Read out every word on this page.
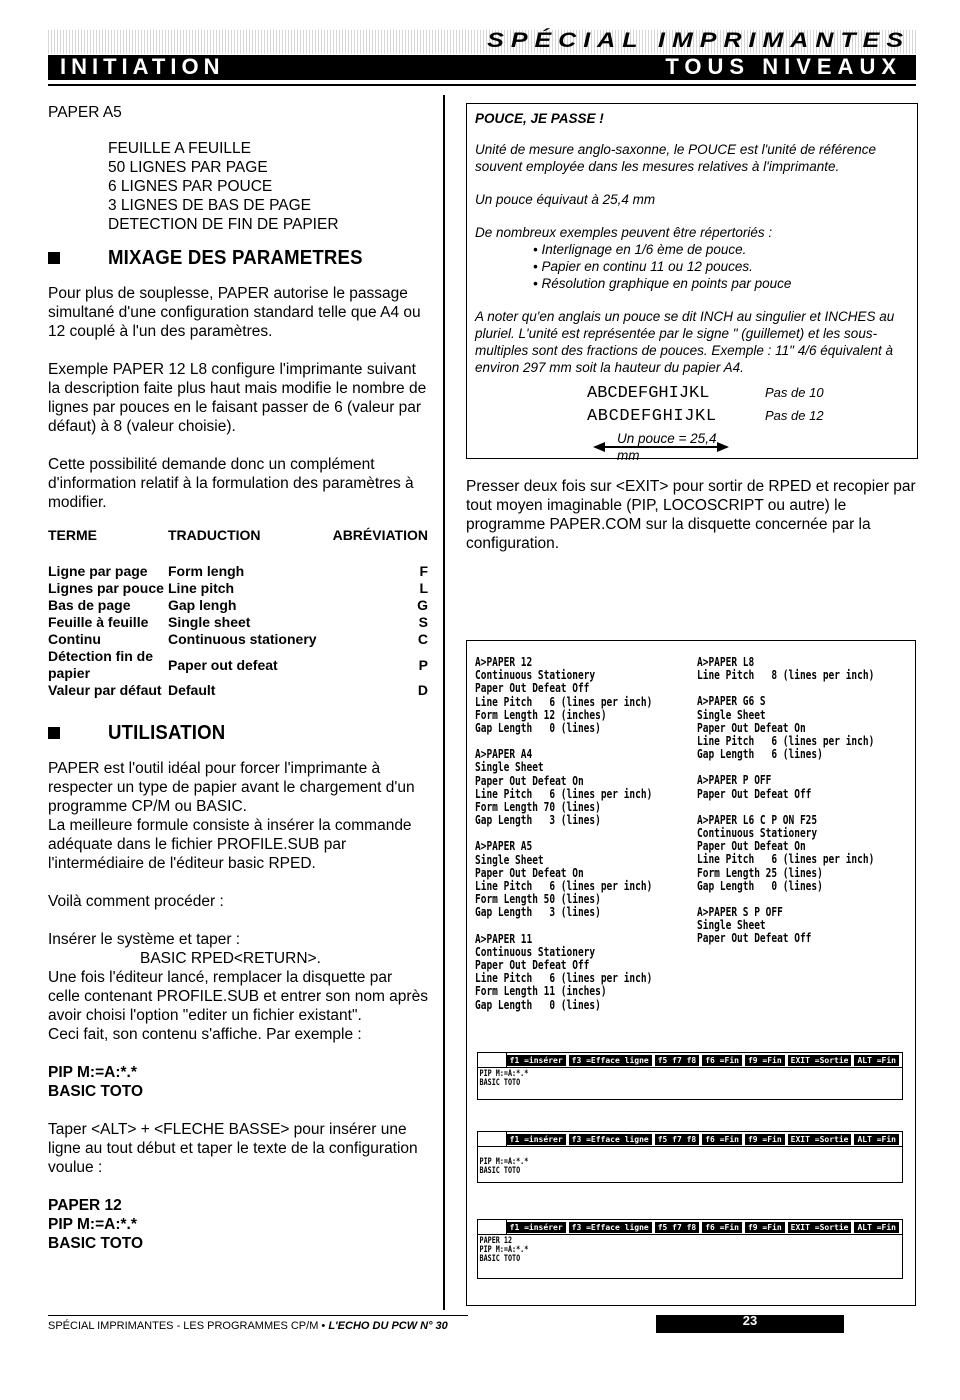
SPÉCIAL IMPRIMANTES
INITIATION	TOUS NIVEAUX
PAPER A5
FEUILLE A FEUILLE
50 LIGNES PAR PAGE
6 LIGNES PAR POUCE
3 LIGNES DE BAS DE PAGE
DETECTION DE FIN DE PAPIER
MIXAGE DES PARAMETRES
Pour plus de souplesse, PAPER autorise le passage simultané d'une configuration standard telle que A4 ou 12 couplé à l'un des paramètres.
Exemple PAPER 12 L8 configure l'imprimante suivant la description faite plus haut mais modifie le nombre de lignes par pouces en le faisant passer de 6 (valeur par défaut) à 8 (valeur choisie).
Cette possibilité demande donc un complément d'information relatif à la formulation des paramètres à modifier.
TERME	TRADUCTION	ABRÉVIATION
Ligne par page	Form lengh	F
Lignes par pouce	Line pitch	L
Bas de page	Gap lengh	G
Feuille à feuille	Single sheet	S
Continu	Continuous stationery	C
Détection fin de papier	Paper out defeat	P
Valeur par défaut	Default	D
UTILISATION
PAPER est l'outil idéal pour forcer l'imprimante à respecter un type de papier avant le chargement d'un programme CP/M ou BASIC.
La meilleure formule consiste à insérer la commande adéquate dans le fichier PROFILE.SUB par l'intermédiaire de l'éditeur basic RPED.
Voilà comment procéder :
Insérer le système et taper :
BASIC RPED<RETURN>.
Une fois l'éditeur lancé, remplacer la disquette par celle contenant PROFILE.SUB et entrer son nom après avoir choisi l'option "editer un fichier existant".
Ceci fait, son contenu s'affiche. Par exemple :
PIP M:=A:*.*
BASIC TOTO
Taper <ALT> + <FLECHE BASSE> pour insérer une ligne au tout début et taper le texte de la configuration voulue :
PAPER 12
PIP M:=A:*.*
BASIC TOTO
POUCE, JE PASSE !
Unité de mesure anglo-saxonne, le POUCE est l'unité de référence souvent employée dans les mesures relatives à l'imprimante.
Un pouce équivaut à 25,4 mm
De nombreux exemples peuvent être répertoriés :
• Interlignage en 1/6 ème de pouce.
• Papier en continu 11 ou 12 pouces.
• Résolution graphique en points par pouce
A noter qu'en anglais un pouce se dit INCH au singulier et INCHES au pluriel. L'unité est représentée par le signe " (guillemet) et les sous-multiples sont des fractions de pouces. Exemple : 11" 4/6 équivalent à environ 297 mm soit la hauteur du papier A4.
ABCDEFGHIJKL	Pas de 10
ABCDEFGHIJKL	Pas de 12
Un pouce = 25,4 mm
Presser deux fois sur <EXIT> pour sortir de RPED et recopier par tout moyen imaginable (PIP, LOCOSCRIPT ou autre) le programme PAPER.COM sur la disquette concernée par la configuration.
A>PAPER 12
Continuous Stationery
Paper Out Defeat Off
Line Pitch   6 (lines per inch)
Form Length 12 (inches)
Gap Length   0 (lines)
A>PAPER A4
Single Sheet
Paper Out Defeat On
Line Pitch   6 (lines per inch)
Form Length 70 (lines)
Gap Length   3 (lines)
A>PAPER A5
Single Sheet
Paper Out Defeat On
Line Pitch   6 (lines per inch)
Form Length 50 (lines)
Gap Length   3 (lines)
A>PAPER 11
Continuous Stationery
Paper Out Defeat Off
Line Pitch   6 (lines per inch)
Form Length 11 (inches)
Gap Length   0 (lines)
A>PAPER L8
Line Pitch   8 (lines per inch)
A>PAPER G6 S
Single Sheet
Paper Out Defeat On
Line Pitch   6 (lines per inch)
Gap Length   6 (lines)
A>PAPER P OFF
Paper Out Defeat Off
A>PAPER L6 C P ON F25
Continuous Stationery
Paper Out Defeat On
Line Pitch   6 (lines per inch)
Form Length 25 (lines)
Gap Length   0 (lines)
A>PAPER S P OFF
Single Sheet
Paper Out Defeat Off
f1 =insérer	f3 =Efface ligne	f5 f7 f8	f6 =Fin	f9 =Fin	EXIT =Sortie	ALT =Fin
PIP M:=A:*.*
BASIC TOTO
f1 =insérer	f3 =Efface ligne	f5 f7 f8	f6 =Fin	f9 =Fin	EXIT =Sortie	ALT =Fin

PIP M:=A:*.*
BASIC TOTO
f1 =insérer	f3 =Efface ligne	f5 f7 f8	f6 =Fin	f9 =Fin	EXIT =Sortie	ALT =Fin
PAPER 12
PIP M:=A:*.*
BASIC TOTO
SPÉCIAL IMPRIMANTES - LES PROGRAMMES CP/M • L'ECHO DU PCW N° 30	23
